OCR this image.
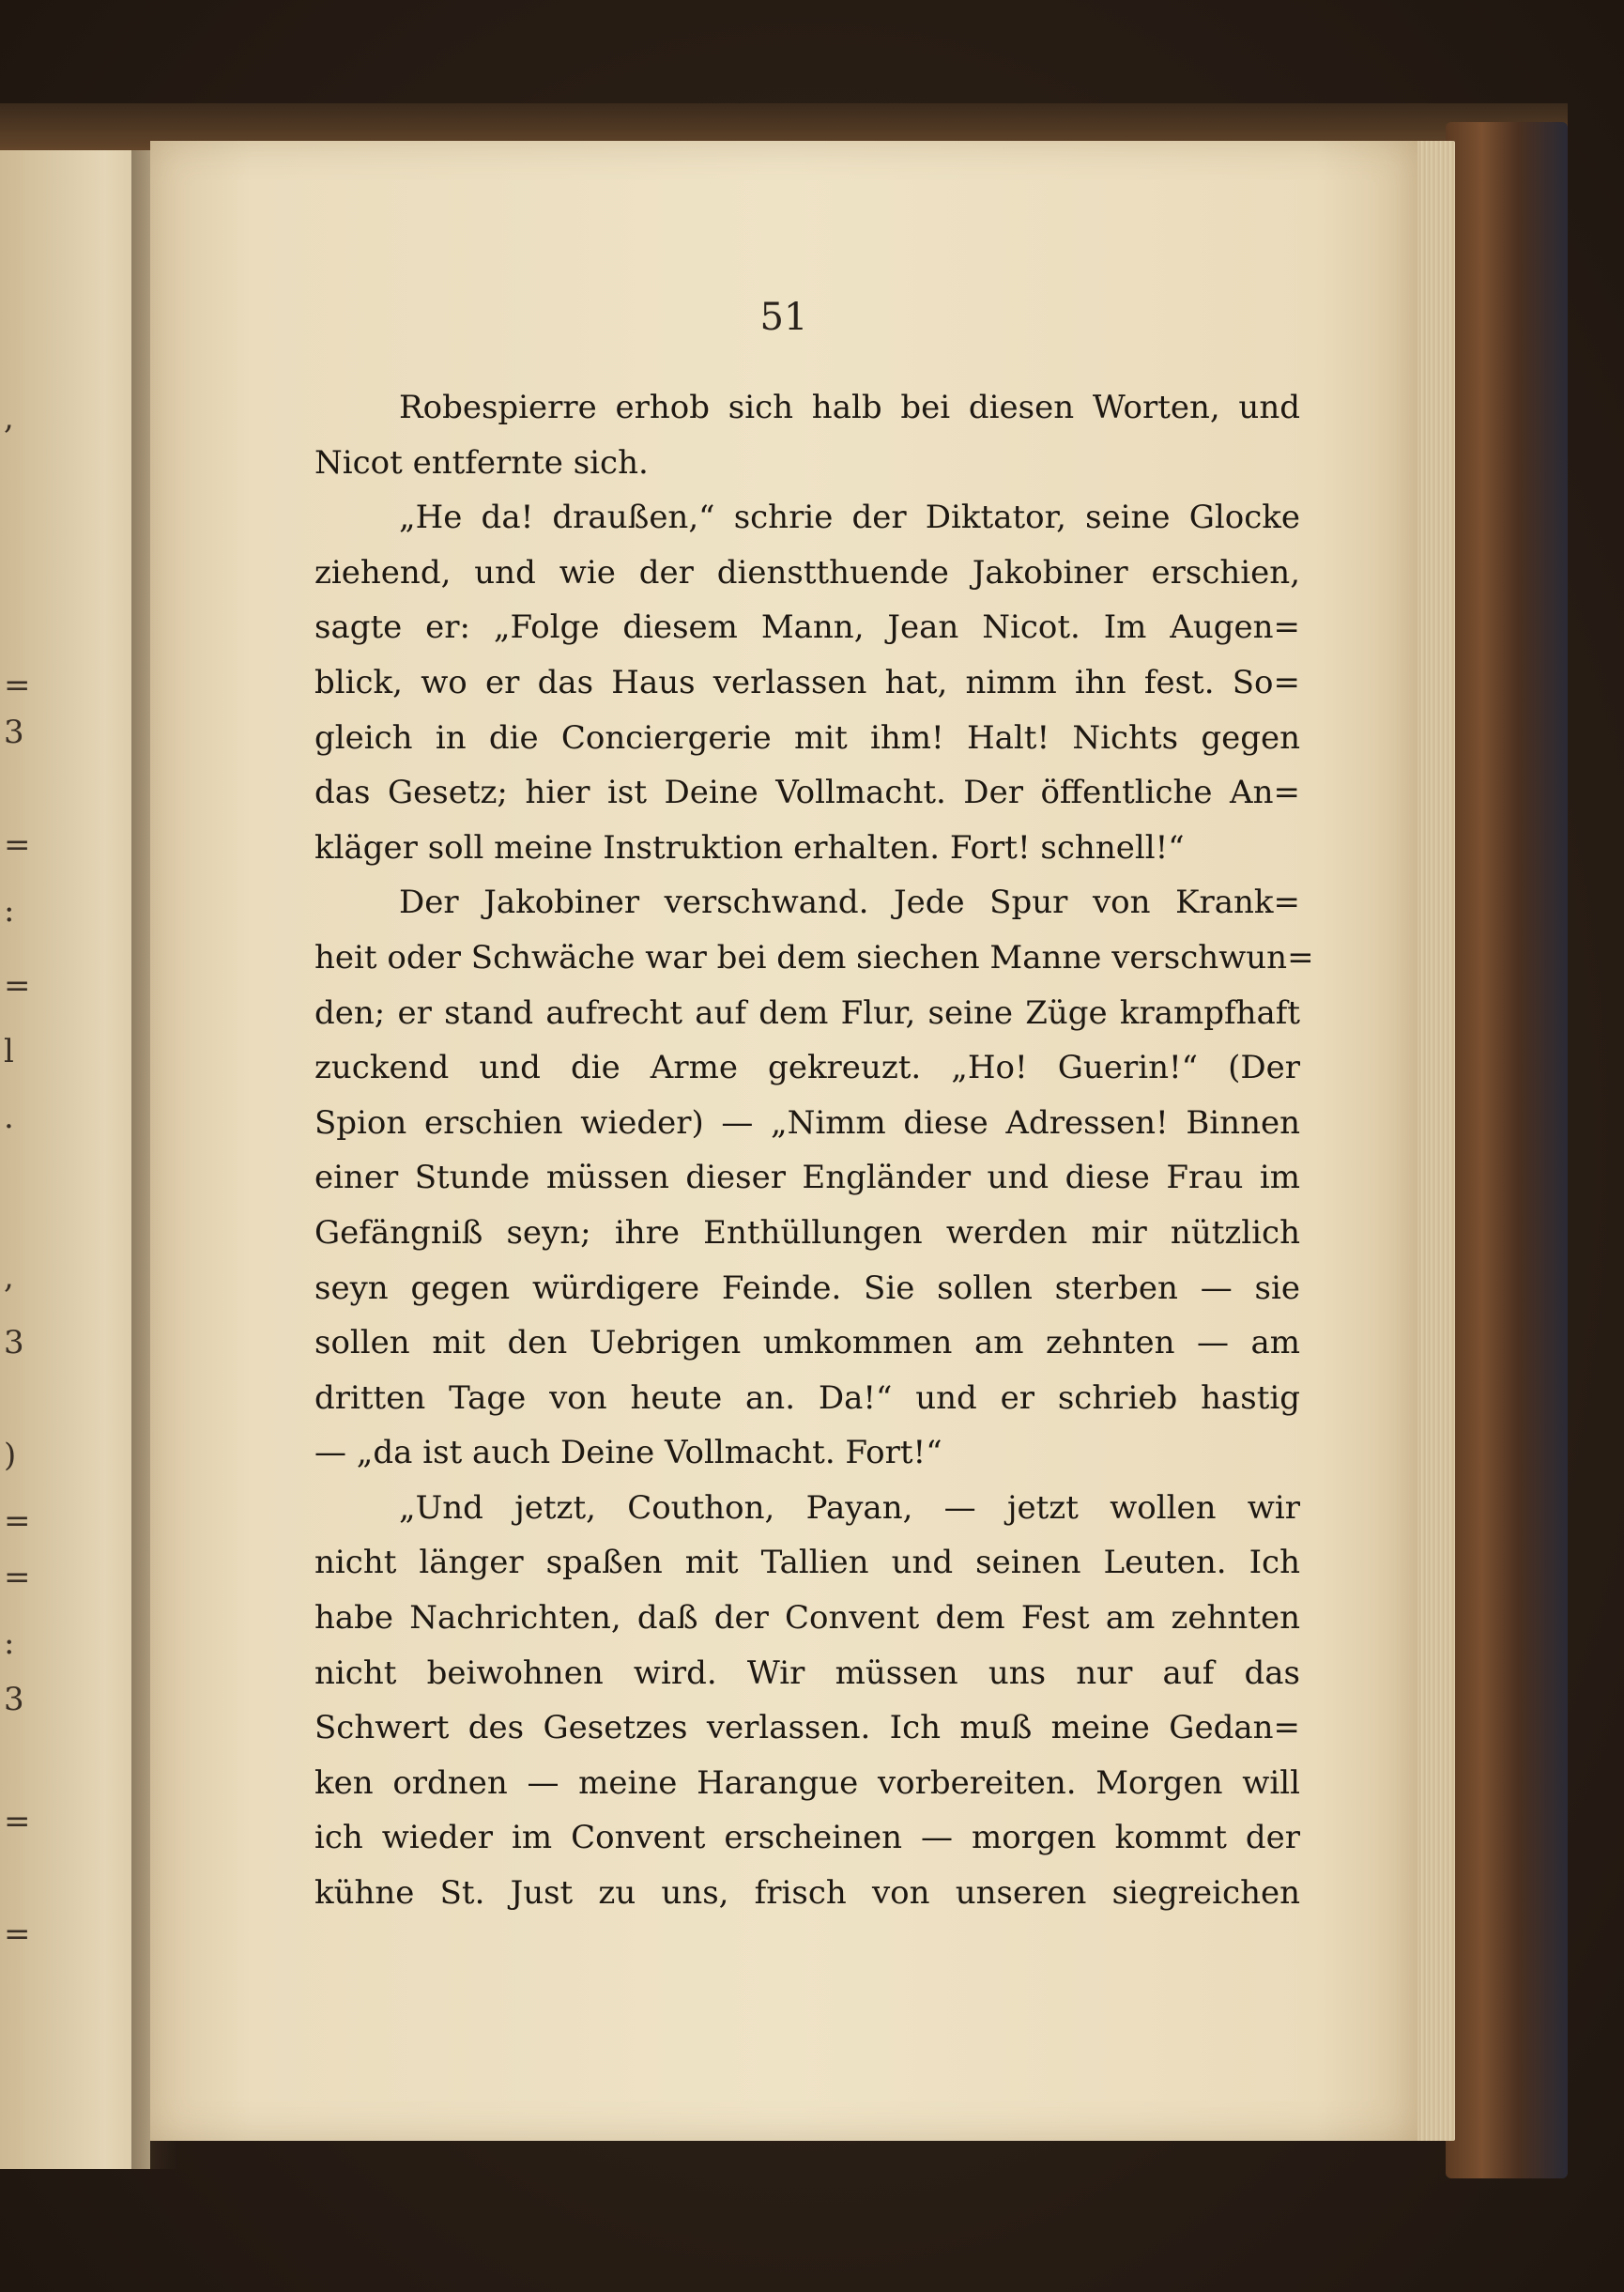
,
=
3
=
:
=
l
.
,
3
)
=
=
:
3
=
=
51
Robespierre erhob sich halb bei diesen Worten, und
Nicot entfernte sich.
„He da! draußen,“ schrie der Diktator, seine Glocke
ziehend, und wie der dienstthuende Jakobiner erschien,
sagte er: „Folge diesem Mann, Jean Nicot. Im Augen=
blick, wo er das Haus verlassen hat, nimm ihn fest. So=
gleich in die Conciergerie mit ihm! Halt! Nichts gegen
das Gesetz; hier ist Deine Vollmacht. Der öffentliche An=
kläger soll meine Instruktion erhalten. Fort! schnell!“
Der Jakobiner verschwand. Jede Spur von Krank=
heit oder Schwäche war bei dem siechen Manne verschwun=
den; er stand aufrecht auf dem Flur, seine Züge krampfhaft
zuckend und die Arme gekreuzt. „Ho! Guerin!“ (Der
Spion erschien wieder) — „Nimm diese Adressen! Binnen
einer Stunde müssen dieser Engländer und diese Frau im
Gefängniß seyn; ihre Enthüllungen werden mir nützlich
seyn gegen würdigere Feinde. Sie sollen sterben — sie
sollen mit den Uebrigen umkommen am zehnten — am
dritten Tage von heute an. Da!“ und er schrieb hastig
— „da ist auch Deine Vollmacht. Fort!“
„Und jetzt, Couthon, Payan, — jetzt wollen wir
nicht länger spaßen mit Tallien und seinen Leuten. Ich
habe Nachrichten, daß der Convent dem Fest am zehnten
nicht beiwohnen wird. Wir müssen uns nur auf das
Schwert des Gesetzes verlassen. Ich muß meine Gedan=
ken ordnen — meine Harangue vorbereiten. Morgen will
ich wieder im Convent erscheinen — morgen kommt der
kühne St. Just zu uns, frisch von unseren siegreichen
